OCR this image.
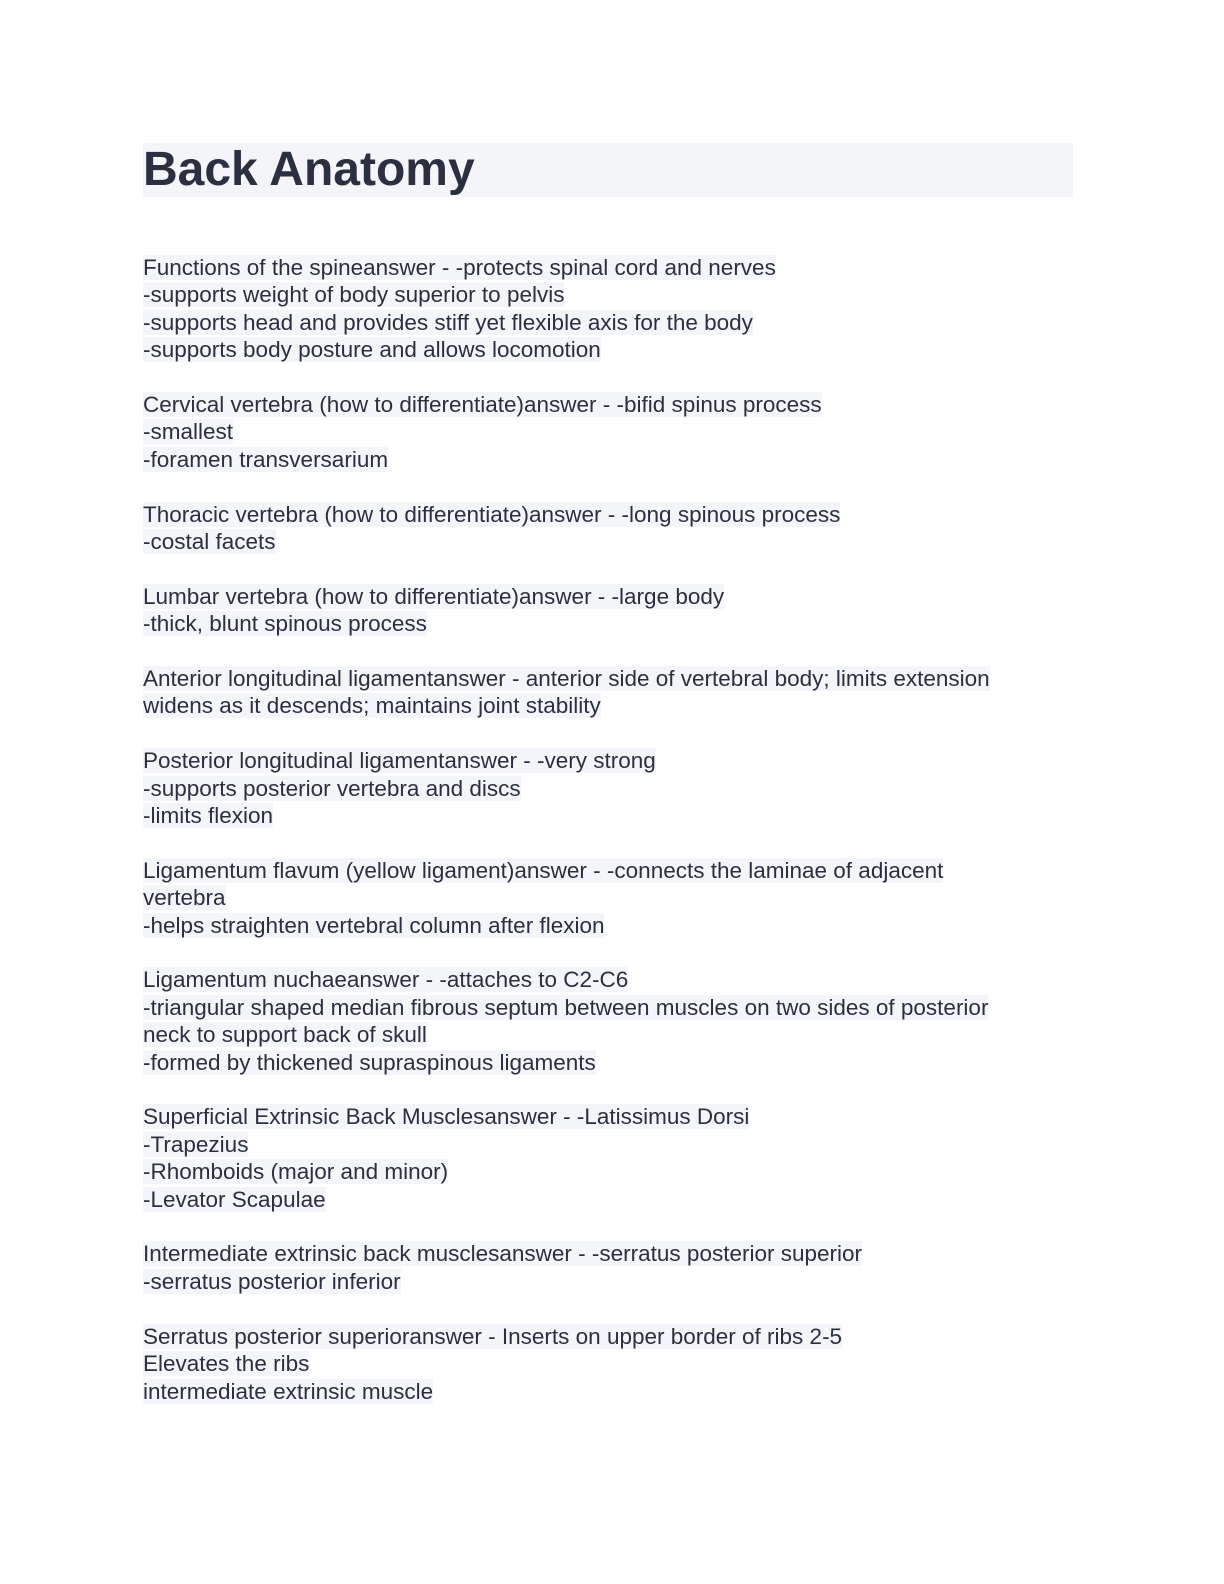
Back Anatomy
Functions of the spineanswer - -protects spinal cord and nerves
-supports weight of body superior to pelvis
-supports head and provides stiff yet flexible axis for the body
-supports body posture and allows locomotion
Cervical vertebra (how to differentiate)answer - -bifid spinus process
-smallest
-foramen transversarium
Thoracic vertebra (how to differentiate)answer - -long spinous process
-costal facets
Lumbar vertebra (how to differentiate)answer - -large body
-thick, blunt spinous process
Anterior longitudinal ligamentanswer - anterior side of vertebral body; limits extension
widens as it descends; maintains joint stability
Posterior longitudinal ligamentanswer - -very strong
-supports posterior vertebra and discs
-limits flexion
Ligamentum flavum (yellow ligament)answer - -connects the laminae of adjacent
vertebra
-helps straighten vertebral column after flexion
Ligamentum nuchaeanswer - -attaches to C2-C6
-triangular shaped median fibrous septum between muscles on two sides of posterior
neck to support back of skull
-formed by thickened supraspinous ligaments
Superficial Extrinsic Back Musclesanswer - -Latissimus Dorsi
-Trapezius
-Rhomboids (major and minor)
-Levator Scapulae
Intermediate extrinsic back musclesanswer - -serratus posterior superior
-serratus posterior inferior
Serratus posterior superioranswer - Inserts on upper border of ribs 2-5
Elevates the ribs
intermediate extrinsic muscle
